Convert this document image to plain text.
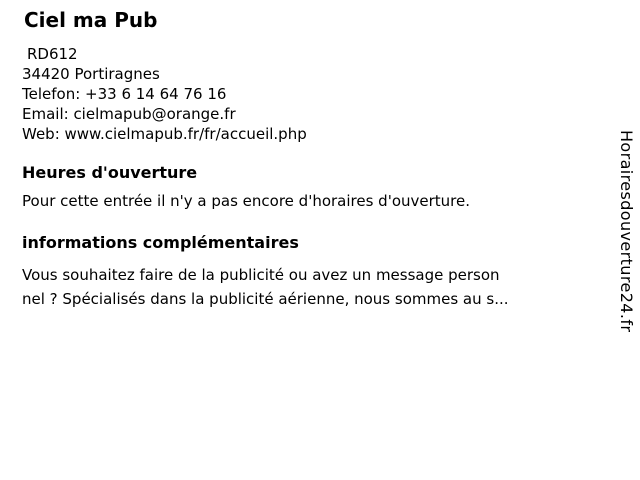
Ciel ma Pub
RD612
34420 Portiragnes
Telefon: +33 6 14 64 76 16
Email: cielmapub@orange.fr
Web: www.cielmapub.fr/fr/accueil.php
Heures d'ouverture

Pour cette entrée il n'y a pas encore d'horaires d'ouverture.

informations complémentaires

Vous souhaitez faire de la publicité ou avez un message person
nel ? Spécialisés dans la publicité aérienne, nous sommes au s...	Horairesdouverture24.fr
